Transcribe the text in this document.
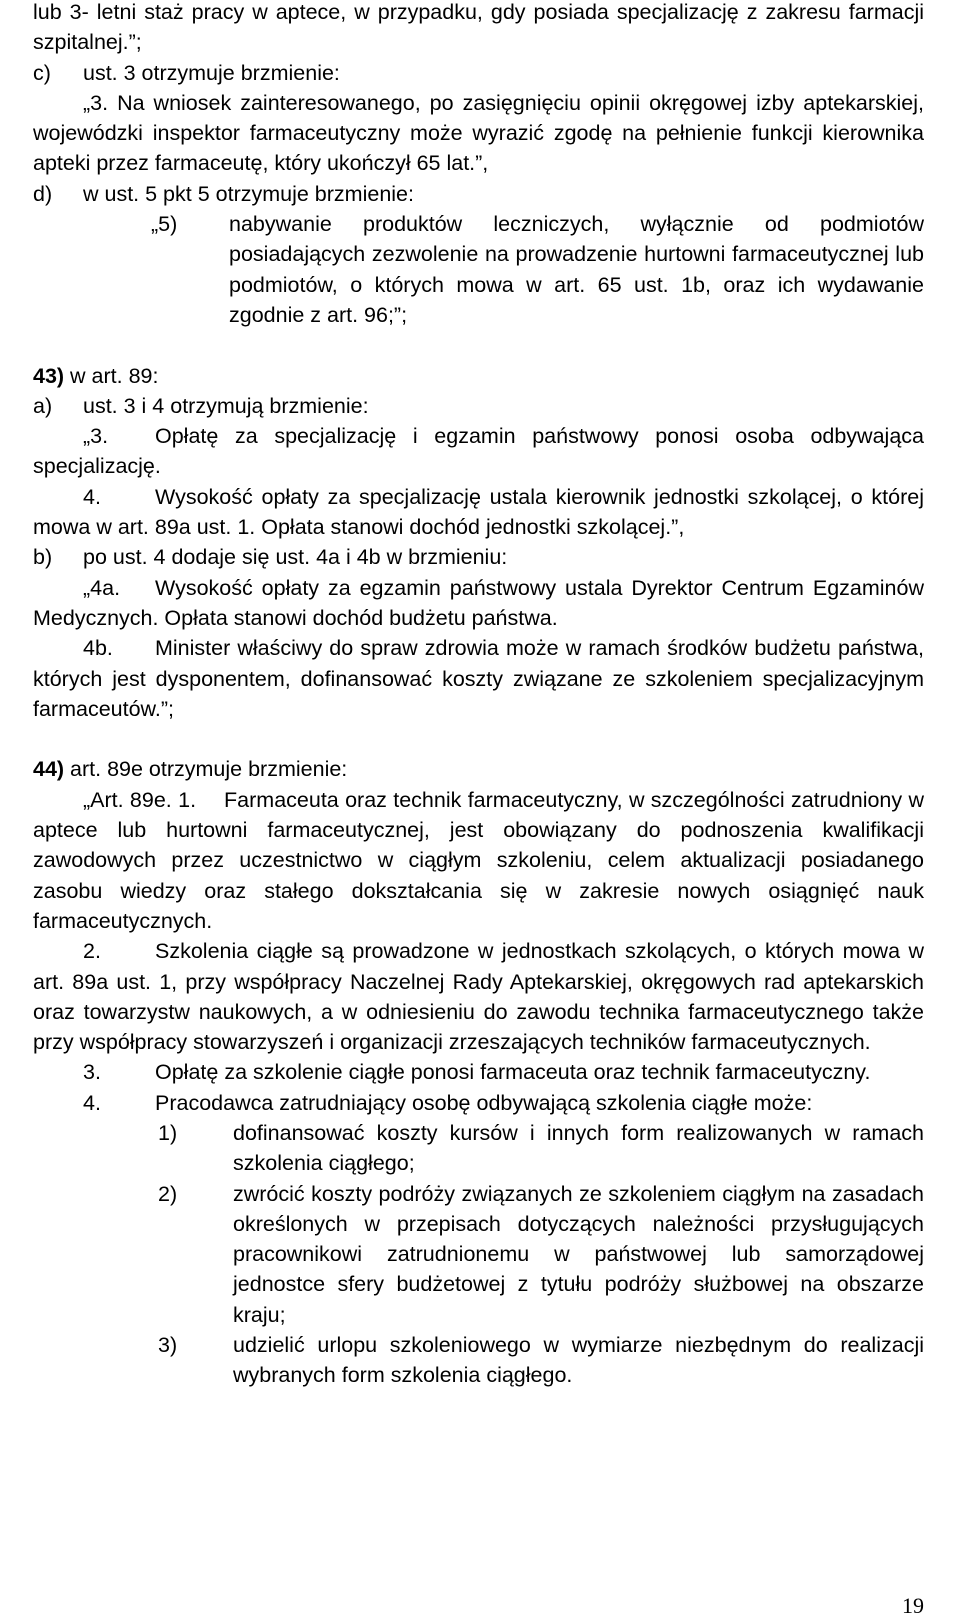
lub 3- letni staż pracy w aptece, w przypadku, gdy posiada specjalizację z zakresu farmacji szpitalnej.”;

c)	ust. 3 otrzymuje brzmienie:

„3. Na wniosek zainteresowanego, po zasięgnięciu opinii okręgowej izby aptekarskiej, wojewódzki inspektor farmaceutyczny może wyrazić zgodę na pełnienie funkcji kierownika apteki przez farmaceutę, który ukończył 65 lat.”,

d)	w ust. 5 pkt 5 otrzymuje brzmienie:
„5)	nabywanie produktów leczniczych, wyłącznie od podmiotów posiadających zezwolenie na prowadzenie hurtowni farmaceutycznej lub podmiotów, o których mowa w art. 65 ust. 1b, oraz ich wydawanie zgodnie z art. 96;”;

43) w art. 89:

a)	ust. 3 i 4 otrzymują brzmienie:

„3. Opłatę za specjalizację i egzamin państwowy ponosi osoba odbywająca specjalizację.

4.	Wysokość opłaty za specjalizację ustala kierownik jednostki szkolącej, o której mowa w art. 89a ust. 1. Opłata stanowi dochód jednostki szkolącej.”,

b)	po ust. 4 dodaje się ust. 4a i 4b w brzmieniu:

„4a. Wysokość opłaty za egzamin państwowy ustala Dyrektor Centrum Egzaminów Medycznych. Opłata stanowi dochód budżetu państwa.

4b. Minister właściwy do spraw zdrowia może w ramach środków budżetu państwa, których jest dysponentem, dofinansować koszty związane ze szkoleniem specjalizacyjnym farmaceutów.”;

44) art. 89e otrzymuje brzmienie:

„Art. 89e. 1. Farmaceuta oraz technik farmaceutyczny, w szczególności zatrudniony w aptece lub hurtowni farmaceutycznej, jest obowiązany do podnoszenia kwalifikacji zawodowych przez uczestnictwo w ciągłym szkoleniu, celem aktualizacji posiadanego zasobu wiedzy oraz stałego dokształcania się w zakresie nowych osiągnięć nauk farmaceutycznych.

2.	Szkolenia ciągłe są prowadzone w jednostkach szkolących, o których mowa w art. 89a ust. 1, przy współpracy Naczelnej Rady Aptekarskiej, okręgowych rad aptekarskich oraz towarzystw naukowych, a w odniesieniu do zawodu technika farmaceutycznego także przy współpracy stowarzyszeń i organizacji zrzeszających techników farmaceutycznych.

3.	Opłatę za szkolenie ciągłe ponosi farmaceuta oraz technik farmaceutyczny.

4.	Pracodawca zatrudniający osobę odbywającą szkolenia ciągłe może:

1)	dofinansować koszty kursów i innych form realizowanych w ramach szkolenia ciągłego;
2)	zwrócić koszty podróży związanych ze szkoleniem ciągłym na zasadach określonych w przepisach dotyczących należności przysługujących pracownikowi zatrudnionemu w państwowej lub samorządowej jednostce sfery budżetowej z tytułu podróży służbowej na obszarze kraju;
3)	udzielić urlopu szkoleniowego w wymiarze niezbędnym do realizacji wybranych form szkolenia ciągłego.
19
